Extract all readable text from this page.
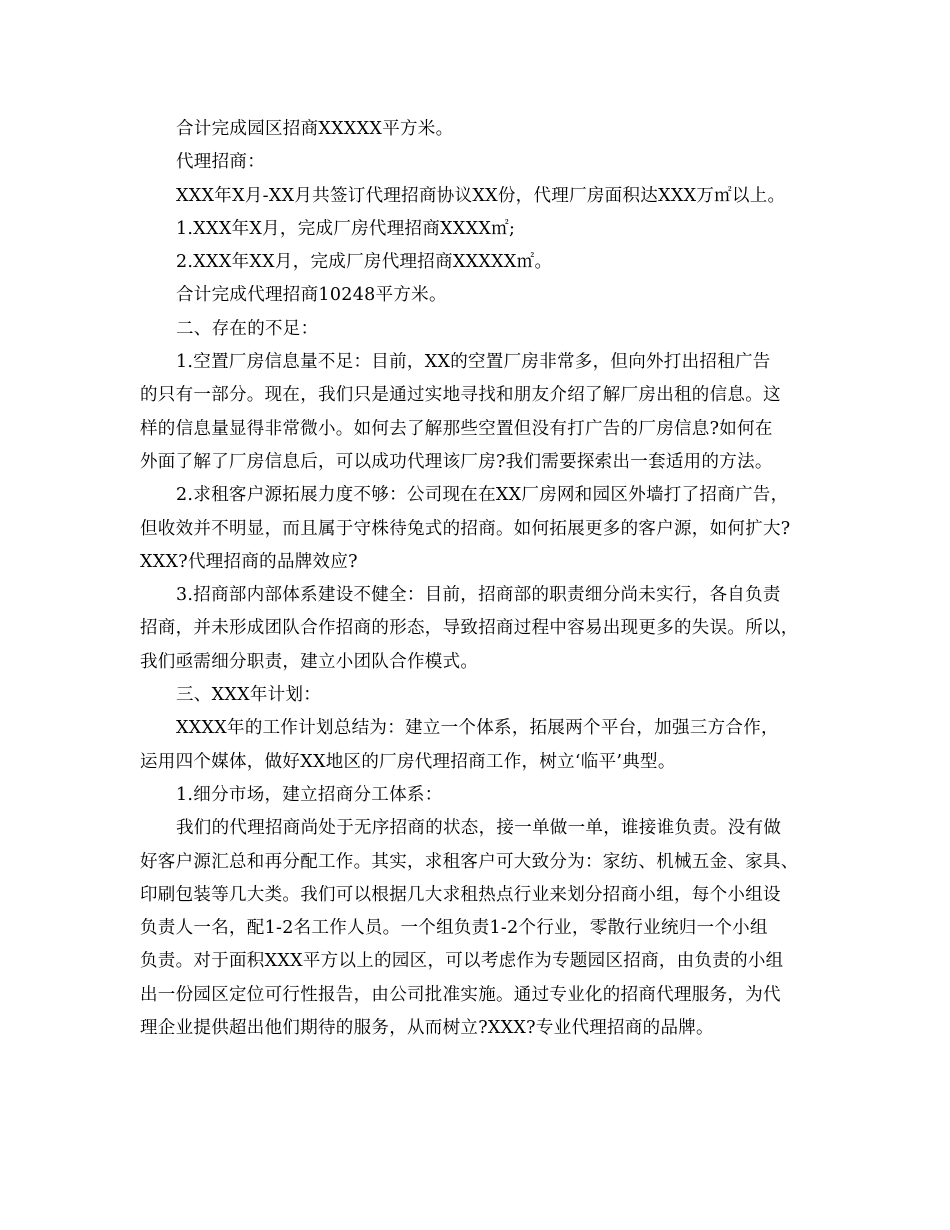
合计完成园区招商XXXXX平方米。
代理招商：
XXX年X月-XX月共签订代理招商协议XX份，代理厂房面积达XXX万㎡以上。
1.XXX年X月，完成厂房代理招商XXXX㎡;
2.XXX年XX月，完成厂房代理招商XXXXX㎡。
合计完成代理招商10248平方米。
二、存在的不足：
1.空置厂房信息量不足：目前，XX的空置厂房非常多，但向外打出招租广告
的只有一部分。现在，我们只是通过实地寻找和朋友介绍了解厂房出租的信息。这
样的信息量显得非常微小。如何去了解那些空置但没有打广告的厂房信息?如何在
外面了解了厂房信息后，可以成功代理该厂房?我们需要探索出一套适用的方法。
2.求租客户源拓展力度不够：公司现在在XX厂房网和园区外墙打了招商广告，
但收效并不明显，而且属于守株待兔式的招商。如何拓展更多的客户源，如何扩大?
XXX?代理招商的品牌效应?
3.招商部内部体系建设不健全：目前，招商部的职责细分尚未实行，各自负责
招商，并未形成团队合作招商的形态，导致招商过程中容易出现更多的失误。所以，
我们亟需细分职责，建立小团队合作模式。
三、XXX年计划：
XXXX年的工作计划总结为：建立一个体系，拓展两个平台，加强三方合作，
运用四个媒体，做好XX地区的厂房代理招商工作，树立‘临平’典型。
1.细分市场，建立招商分工体系：
我们的代理招商尚处于无序招商的状态，接一单做一单，谁接谁负责。没有做
好客户源汇总和再分配工作。其实，求租客户可大致分为：家纺、机械五金、家具、
印刷包装等几大类。我们可以根据几大求租热点行业来划分招商小组，每个小组设
负责人一名，配1-2名工作人员。一个组负责1-2个行业，零散行业统归一个小组
负责。对于面积XXX平方以上的园区，可以考虑作为专题园区招商，由负责的小组
出一份园区定位可行性报告，由公司批准实施。通过专业化的招商代理服务，为代
理企业提供超出他们期待的服务，从而树立?XXX?专业代理招商的品牌。
